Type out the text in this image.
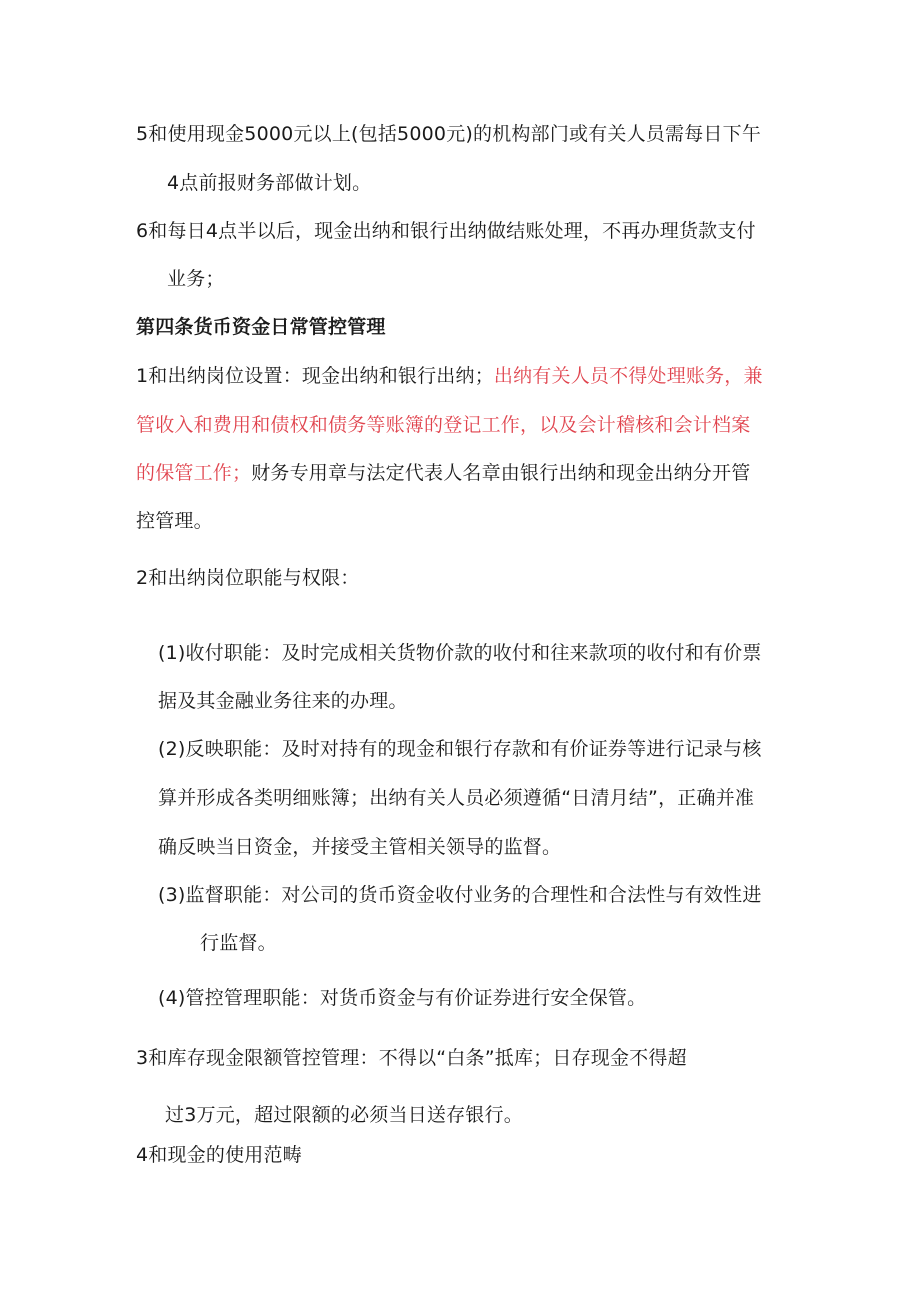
5和使用现金5000元以上(包括5000元)的机构部门或有关人员需每日下午
4点前报财务部做计划。
6和每日4点半以后，现金出纳和银行出纳做结账处理，不再办理货款支付
业务；
第四条货币资金日常管控管理
1和出纳岗位设置：现金出纳和银行出纳；出纳有关人员不得处理账务，兼
管收入和费用和债权和债务等账簿的登记工作，以及会计稽核和会计档案
的保管工作；财务专用章与法定代表人名章由银行出纳和现金出纳分开管
控管理。
2和出纳岗位职能与权限：
(1)收付职能：及时完成相关货物价款的收付和往来款项的收付和有价票
据及其金融业务往来的办理。
(2)反映职能：及时对持有的现金和银行存款和有价证券等进行记录与核
算并形成各类明细账簿；出纳有关人员必须遵循“日清月结”，正确并准
确反映当日资金，并接受主管相关领导的监督。
(3)监督职能：对公司的货币资金收付业务的合理性和合法性与有效性进
行监督。
(4)管控管理职能：对货币资金与有价证券进行安全保管。
3和库存现金限额管控管理：不得以“白条”抵库；日存现金不得超
过3万元，超过限额的必须当日送存银行。
4和现金的使用范畴
